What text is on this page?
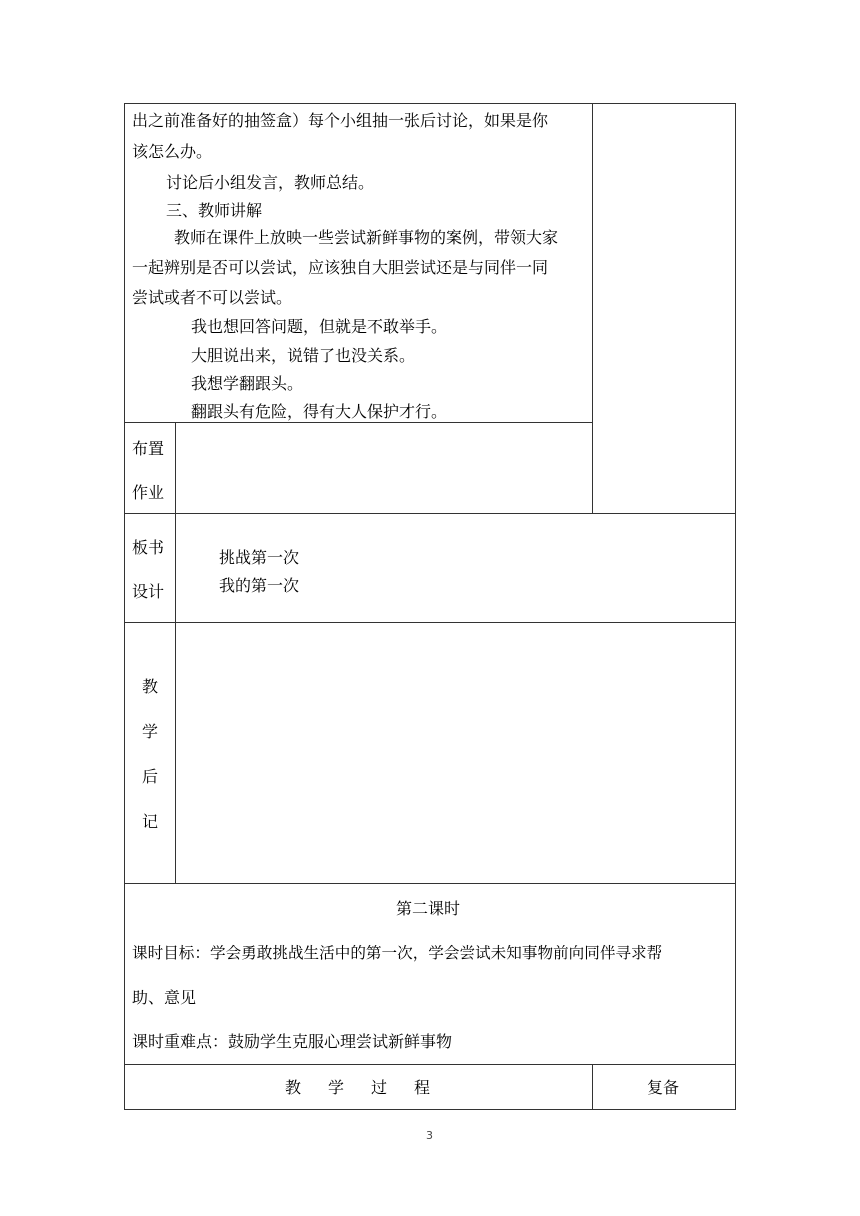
出之前准备好的抽签盒）每个小组抽一张后讨论，如果是你
该怎么办。
讨论后小组发言，教师总结。
三、教师讲解
教师在课件上放映一些尝试新鲜事物的案例，带领大家
一起辨别是否可以尝试，应该独自大胆尝试还是与同伴一同
尝试或者不可以尝试。
我也想回答问题，但就是不敢举手。
大胆说出来，说错了也没关系。
我想学翻跟头。
翻跟头有危险，得有大人保护才行。
布置
作业
板书
设计
挑战第一次
我的第一次
教
学
后
记
第二课时
课时目标：学会勇敢挑战生活中的第一次，学会尝试未知事物前向同伴寻求帮
助、意见
课时重难点：鼓励学生克服心理尝试新鲜事物
教 学 过 程	复备
3
